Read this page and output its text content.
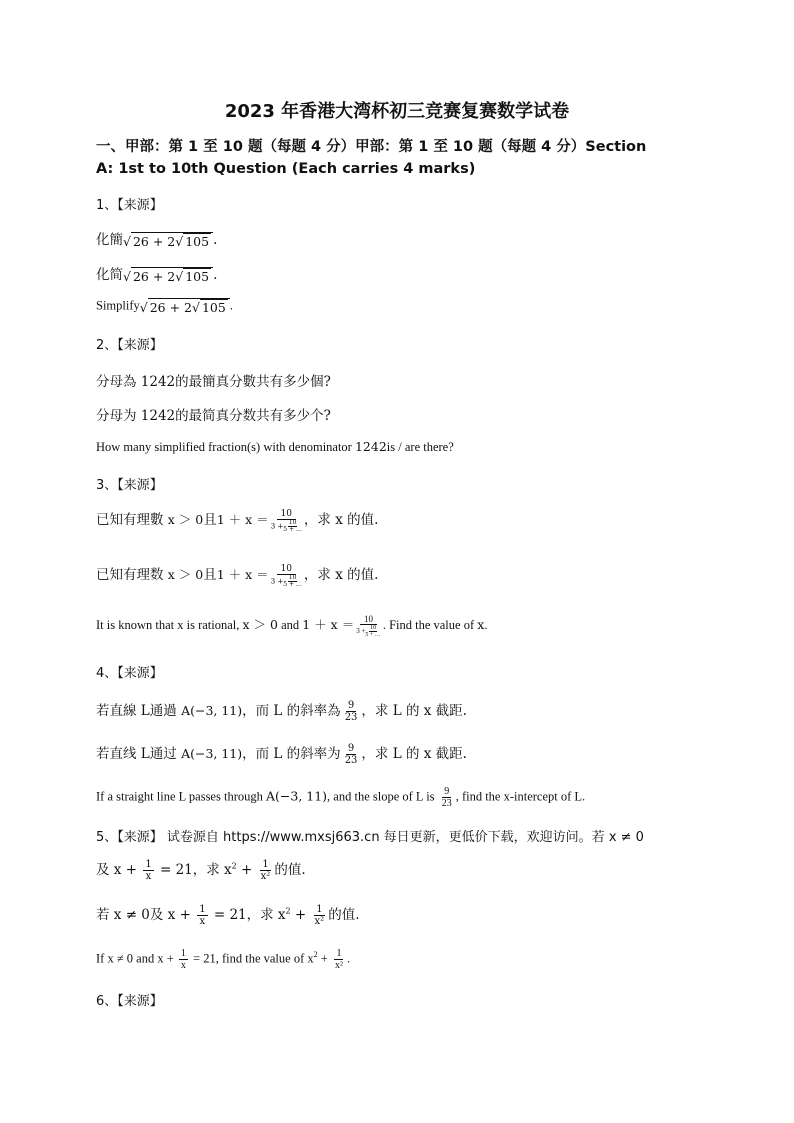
2023 年香港大湾杯初三竞赛复赛数学试卷
一、甲部：第 1 至 10 题（每题 4 分）甲部：第 1 至 10 题（每题 4 分）Section
A: 1st to 10th Question (Each carries 4 marks)
1、【来源】
化簡√ 26 + 2√ 105 .
化简√ 26 + 2√ 105 .
Simplify√ 26 + 2√ 105 .
2、【来源】
分母為 1242的最簡真分數共有多少個?
分母为 1242的最简真分数共有多少个?
How many simplified fraction(s) with denominator 1242is / are there?
3、【来源】
已知有理數 x ＞ 0且1 ＋ x ＝	10
$3 + \frac{10}{5 + \dots}$ ，求 x 的值.
已知有理数 x ＞ 0且1 ＋ x ＝	10
$3 + \frac{10}{5 + \dots}$ ，求 x 的值.
It is known that x is rational, x ＞ 0 and 1 ＋ x ＝	10
$3 + \frac{10}{5 + \dots}$ . Find the value of x.
4、【来源】
若直線 L通過 A(−3, 11)，而 L 的斜率為 $\frac{9}{23}$ ，求 L 的 x 截距.
若直线 L通过 A(−3, 11)，而 L 的斜率为 $\frac{9}{23}$ ，求 L 的 x 截距.
If a straight line L passes through A(−3, 11), and the slope of L is $\frac{9}{23}$ , find the x-intercept of L.
5、【来源】 试卷源自 https://www.mxsj663.cn 每日更新，更低价下载，欢迎访问。若 x ≠ 0
及 $x + \frac{1}{x} = 21$，求 $x^2 + \frac{1}{\text{x²}}$ 的值.
若 x ≠ 0及 $x + \frac{1}{x} = 21$，求 $x^2 + \frac{1}{\text{x²}}$ 的值.
If x ≠ 0 and $x + \frac{1}{x} = 21$, find the value of $x^2 + \frac{1}{\text{x²}}$ .
6、【来源】
